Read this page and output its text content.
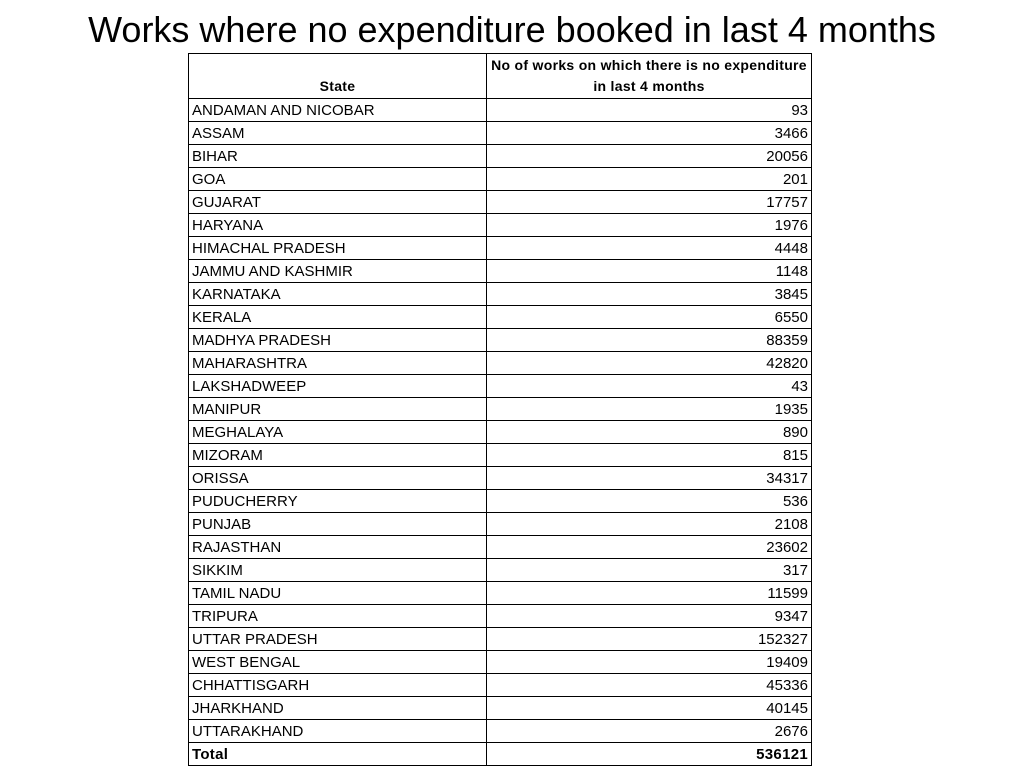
Works where no expenditure booked in last 4 months
State	No of works on which there is no expenditure in last 4 months
ANDAMAN AND NICOBAR	93
ASSAM	3466
BIHAR	20056
GOA	201
GUJARAT	17757
HARYANA	1976
HIMACHAL PRADESH	4448
JAMMU AND KASHMIR	1148
KARNATAKA	3845
KERALA	6550
MADHYA PRADESH	88359
MAHARASHTRA	42820
LAKSHADWEEP	43
MANIPUR	1935
MEGHALAYA	890
MIZORAM	815
ORISSA	34317
PUDUCHERRY	536
PUNJAB	2108
RAJASTHAN	23602
SIKKIM	317
TAMIL NADU	11599
TRIPURA	9347
UTTAR PRADESH	152327
WEST BENGAL	19409
CHHATTISGARH	45336
JHARKHAND	40145
UTTARAKHAND	2676
Total	536121
